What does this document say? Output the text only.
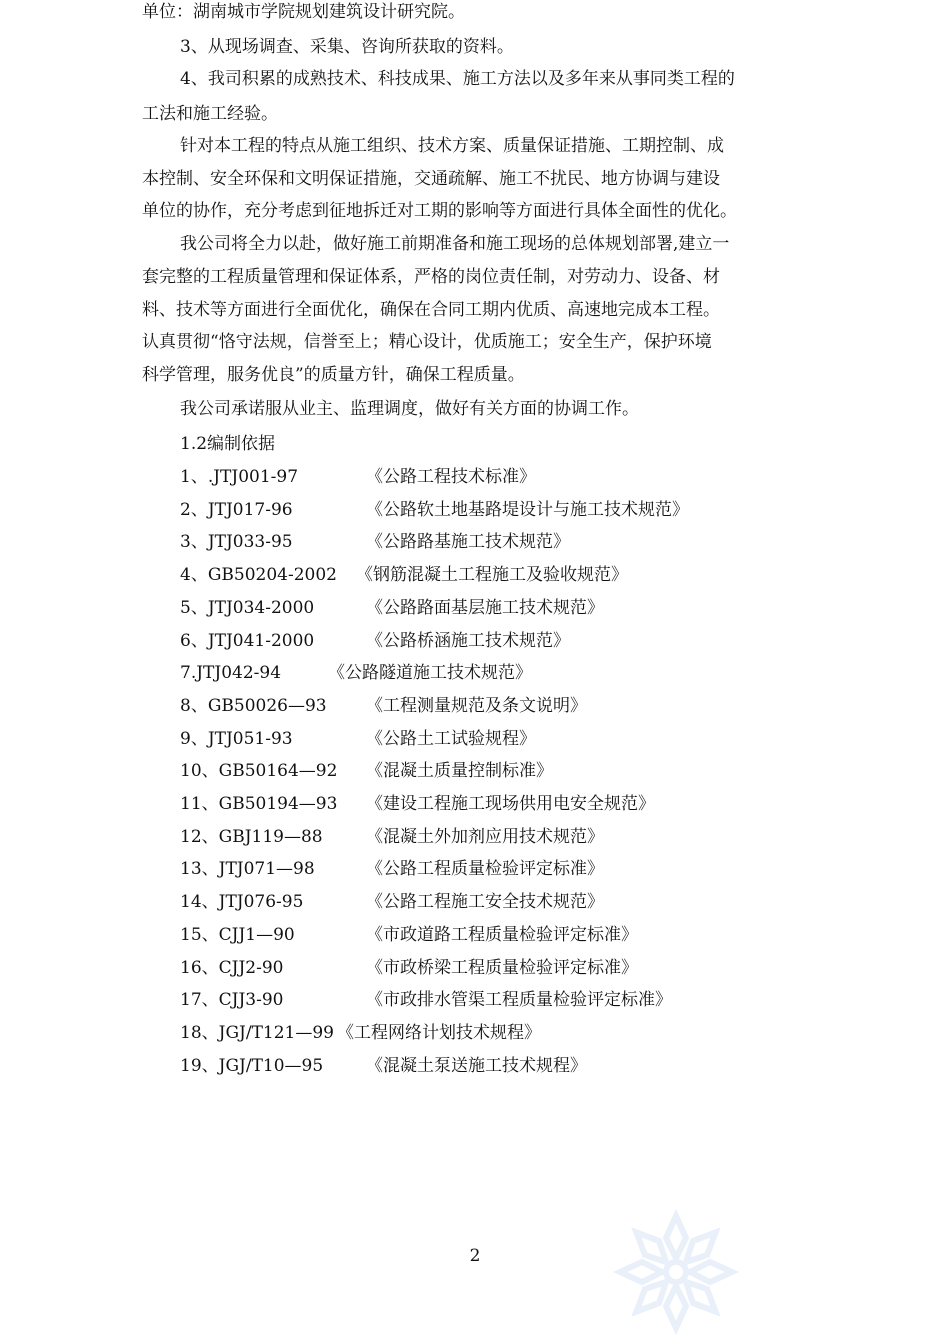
单位：湖南城市学院规划建筑设计研究院。
3、从现场调查、采集、咨询所获取的资料。
4、我司积累的成熟技术、科技成果、施工方法以及多年来从事同类工程的
工法和施工经验。
针对本工程的特点从施工组织、技术方案、质量保证措施、工期控制、成
本控制、安全环保和文明保证措施，交通疏解、施工不扰民、地方协调与建设
单位的协作，充分考虑到征地拆迁对工期的影响等方面进行具体全面性的优化。
我公司将全力以赴，做好施工前期准备和施工现场的总体规划部署,建立一
套完整的工程质量管理和保证体系，严格的岗位责任制，对劳动力、设备、材
料、技术等方面进行全面优化，确保在合同工期内优质、高速地完成本工程。
认真贯彻“恪守法规，信誉至上；精心设计，优质施工；安全生产，保护环境
科学管理，服务优良”的质量方针，确保工程质量。
我公司承诺服从业主、监理调度，做好有关方面的协调工作。
1.2编制依据
1、.JTJ001-97	《公路工程技术标准》
2、JTJ017-96	《公路软土地基路堤设计与施工技术规范》
3、JTJ033-95	《公路路基施工技术规范》
4、GB50204-2002 《钢筋混凝土工程施工及验收规范》
5、JTJ034-2000	《公路路面基层施工技术规范》
6、JTJ041-2000	《公路桥涵施工技术规范》
7.JTJ042-94	《公路隧道施工技术规范》
8、GB50026—93 《工程测量规范及条文说明》
9、JTJ051-93	《公路土工试验规程》
10、GB50164—92 《混凝土质量控制标准》
11、GB50194—93 《建设工程施工现场供用电安全规范》
12、GBJ119—88	《混凝土外加剂应用技术规范》
13、JTJ071—98	《公路工程质量检验评定标准》
14、JTJ076-95	《公路工程施工安全技术规范》
15、CJJ1—90	《市政道路工程质量检验评定标准》
16、CJJ2-90	《市政桥梁工程质量检验评定标准》
17、CJJ3-90	《市政排水管渠工程质量检验评定标准》
18、JGJ/T121—99 《工程网络计划技术规程》
19、JGJ/T10—95	《混凝土泵送施工技术规程》
2
